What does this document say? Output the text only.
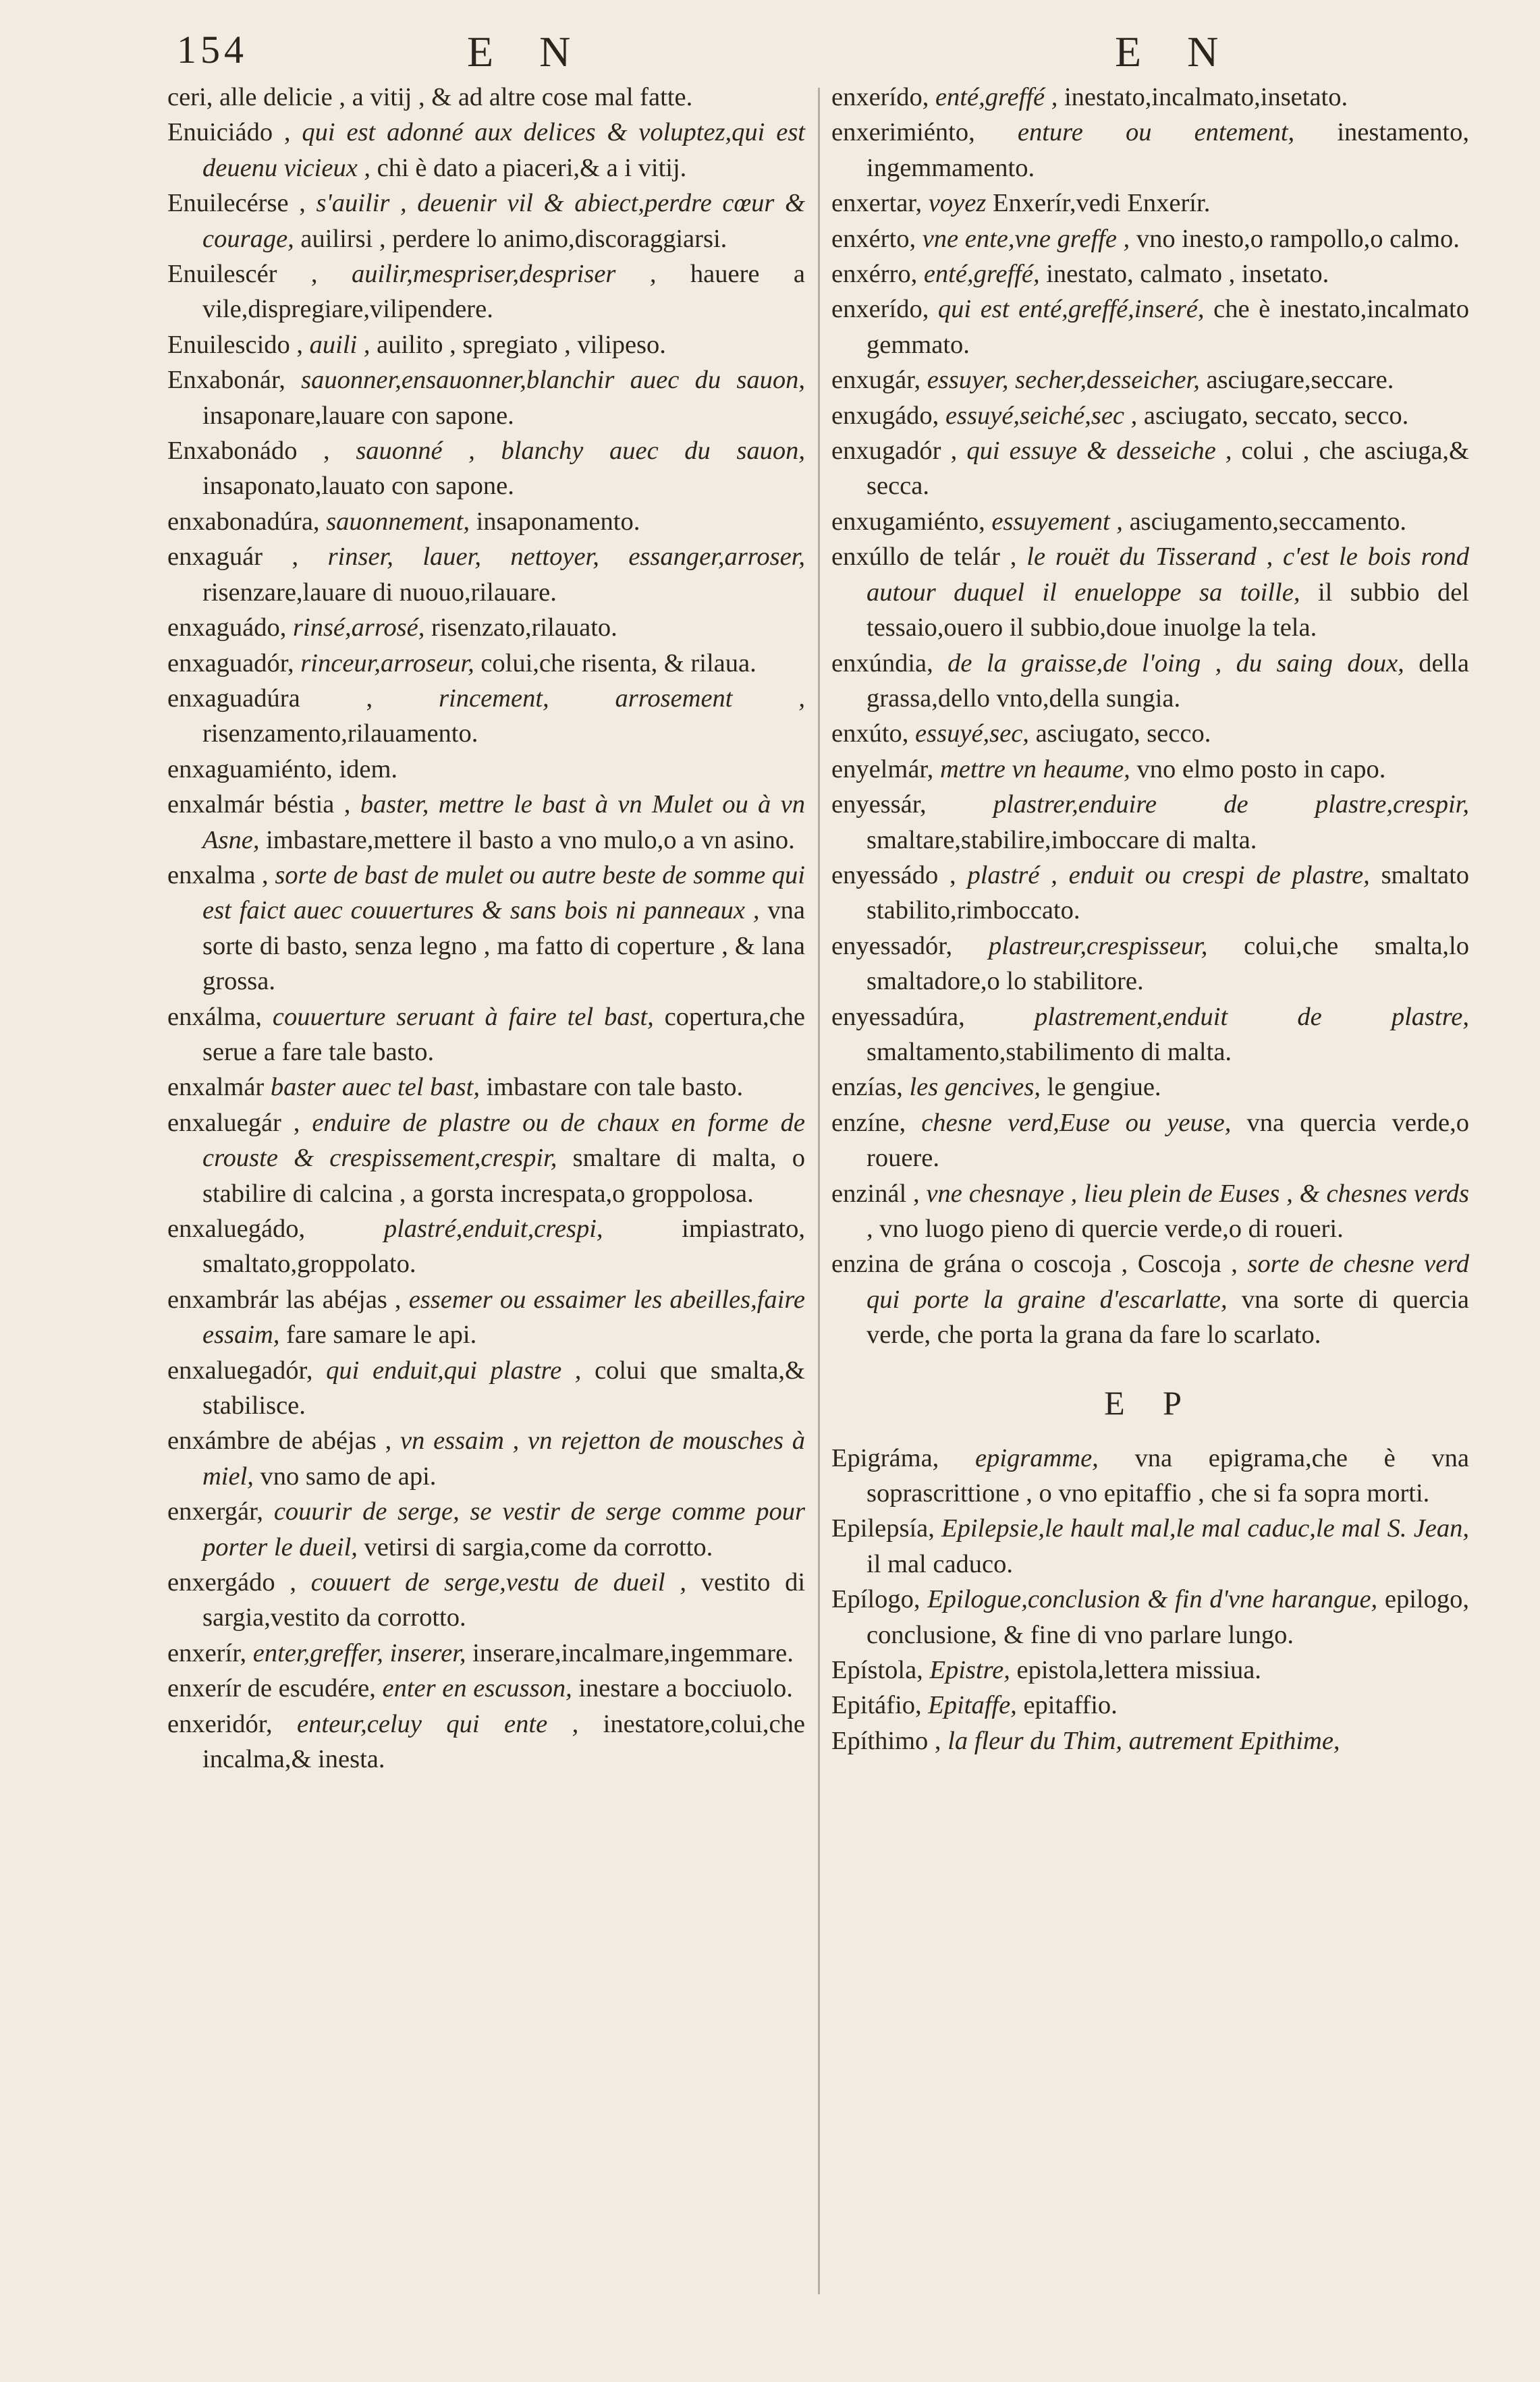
154	E N	E N

ceri, alle delicie , a vitij , & ad altre cose mal fatte.

Enuiciádo , qui est adonné aux delices & voluptez,qui est deuenu vicieux , chi è dato a piaceri,& a i vitij.

Enuilecérse , s'auilir , deuenir vil & abiect,perdre cœur & courage, auilirsi , perdere lo animo,discoraggiarsi.

Enuilescér , auilir,mespriser,despriser , hauere a vile,dispregiare,vilipendere.

Enuilescido , auili , auilito , spregiato , vilipeso.

Enxabonár, sauonner,ensauonner,blanchir auec du sauon, insaponare,lauare con sapone.

Enxabonádo , sauonné , blanchy auec du sauon, insaponato,lauato con sapone.

enxabonadúra, sauonnement, insaponamento.

enxaguár , rinser, lauer, nettoyer, essanger,arroser, risenzare,lauare di nuouo,rilauare.

enxaguádo, rinsé,arrosé, risenzato,rilauato.

enxaguadór, rinceur,arroseur, colui,che risenta, & rilaua.

enxaguadúra ,	rincement, arrosement , risenzamento,rilauamento.

enxaguamiénto, idem.

enxalmár béstia , baster, mettre le bast à vn Mulet ou à vn Asne, imbastare,mettere il basto a vno mulo,o a vn asino.

enxalma , sorte de bast de mulet ou autre beste de somme qui est faict auec couuertures & sans bois ni panneaux , vna sorte di basto, senza legno , ma fatto di coperture , & lana grossa.

enxálma, couuerture seruant à faire tel bast, copertura,che serue a fare tale basto.

enxalmár baster auec tel bast, imbastare con tale basto.

enxaluegár , enduire de plastre ou de chaux en forme de crouste & crespissement,crespir, smaltare di malta, o stabilire di calcina , a gorsta increspata,o groppolosa.

enxaluegádo,	plastré,enduit,crespi,	impiastrato, smaltato,groppolato.

enxambrár las abéjas , essemer ou essaimer les abeilles,faire essaim, fare samare le api.

enxaluegadór, qui enduit,qui plastre , colui que smalta,& stabilisce.

enxámbre de abéjas , vn essaim , vn rejetton de mousches à miel, vno samo de api.

enxergár, couurir de serge, se vestir de serge comme pour porter le dueil, vetirsi di sargia,come da corrotto.

enxergádo , couuert de serge,vestu de dueil , vestito di sargia,vestito da corrotto.

enxerír, enter,greffer, inserer, inserare,incalmare,ingemmare.

enxerír de escudére, enter en escusson, inestare a bocciuolo.

enxeridór, enteur,celuy qui ente , inestatore,colui,che incalma,& inesta.

enxerído, enté,greffé , inestato,incalmato,insetato.

enxerimiénto, enture ou entement, inestamento, ingemmamento.

enxertar, voyez Enxerír,vedi Enxerír.

enxérto, vne ente,vne greffe , vno inesto,o rampollo,o calmo.

enxérro, enté,greffé, inestato, calmato , insetato.

enxerído, qui est enté,greffé,inseré, che è inestato,incalmato gemmato.

enxugár, essuyer, secher,desseicher, asciugare,seccare.

enxugádo, essuyé,seiché,sec , asciugato, seccato, secco.

enxugadór , qui essuye & desseiche , colui , che asciuga,& secca.

enxugamiénto, essuyement , asciugamento,seccamento.

enxúllo de telár , le rouët du Tisserand , c'est le bois rond autour duquel il enueloppe sa toille, il subbio del tessaio,ouero il subbio,doue inuolge la tela.

enxúndia, de la graisse,de l'oing , du saing doux, della grassa,dello vnto,della sungia.

enxúto, essuyé,sec, asciugato, secco.

enyelmár, mettre vn heaume, vno elmo posto in capo.

enyessár,	plastrer,enduire de plastre,crespir, smaltare,stabilire,imboccare di malta.

enyessádo , plastré , enduit ou crespi de plastre, smaltato stabilito,rimboccato.

enyessadór, plastreur,crespisseur, colui,che smalta,lo smaltadore,o lo stabilitore.

enyessadúra,	plastrement,enduit de plastre, smaltamento,stabilimento di malta.

enzías, les gencives, le gengiue.

enzíne, chesne verd,Euse ou yeuse, vna quercia verde,o rouere.

enzinál , vne chesnaye , lieu plein de Euses , & chesnes verds , vno luogo pieno di quercie verde,o di roueri.

enzina de grána o coscoja , Coscoja , sorte de chesne verd qui porte la graine d'escarlatte, vna sorte di quercia verde, che porta la grana da fare lo scarlato.

E P

Epigráma, epigramme, vna epigrama,che è vna soprascrittione , o vno epitaffio , che si fa sopra morti.

Epilepsía, Epilepsie,le hault mal,le mal caduc,le mal S. Jean, il mal caduco.

Epílogo, Epilogue,conclusion & fin d'vne harangue, epilogo, conclusione, & fine di vno parlare lungo.

Epístola, Epistre, epistola,lettera missiua.

Epitáfio, Epitaffe, epitaffio.

Epíthimo , la fleur du Thim, autrement Epithime,
